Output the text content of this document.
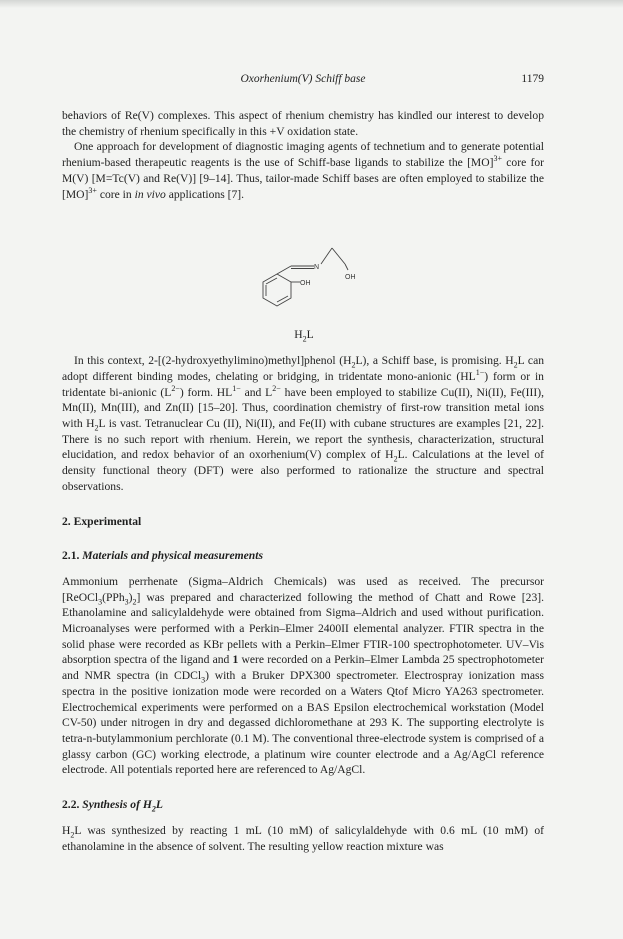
Oxorhenium(V) Schiff base	1179

behaviors of Re(V) complexes. This aspect of rhenium chemistry has kindled our interest to develop the chemistry of rhenium specifically in this +V oxidation state.

One approach for development of diagnostic imaging agents of technetium and to generate potential rhenium-based therapeutic reagents is the use of Schiff-base ligands to stabilize the [MO]$^{3+}$ core for M(V) [M=Tc(V) and Re(V)] [9–14]. Thus, tailor-made Schiff bases are often employed to stabilize the [MO]$^{3+}$ core in in vivo applications [7].

N
OH
OH
$H_2L$

In this context, 2-[(2-hydroxyethylimino)methyl]phenol $(H_2L)$, a Schiff base, is promising. $H_2L$ can adopt different binding modes, chelating or bridging, in tridentate mono-anionic $(HL^{1-})$ form or in tridentate bi-anionic $(L^{2-})$ form. $HL^{1-}$ and $L^{2-}$ have been employed to stabilize Cu(II), Ni(II), Fe(III), Mn(II), Mn(III), and Zn(II) [15–20]. Thus, coordination chemistry of first-row transition metal ions with $H_2L$ is vast. Tetranuclear Cu (II), Ni(II), and Fe(II) with cubane structures are examples [21, 22]. There is no such report with rhenium. Herein, we report the synthesis, characterization, structural elucidation, and redox behavior of an oxorhenium(V) complex of $H_2L$. Calculations at the level of density functional theory (DFT) were also performed to rationalize the structure and spectral observations.

2. Experimental
2.1. Materials and physical measurements

Ammonium perrhenate (Sigma–Aldrich Chemicals) was used as received. The precursor $[ReOCl_3(PPh_3)_2]$ was prepared and characterized following the method of Chatt and Rowe [23]. Ethanolamine and salicylaldehyde were obtained from Sigma–Aldrich and used without purification. Microanalyses were performed with a Perkin–Elmer 2400II elemental analyzer. FTIR spectra in the solid phase were recorded as KBr pellets with a Perkin–Elmer FTIR-100 spectrophotometer. UV–Vis absorption spectra of the ligand and 1 were recorded on a Perkin–Elmer Lambda 25 spectrophotometer and NMR spectra (in CDCl$_3$) with a Bruker DPX300 spectrometer. Electrospray ionization mass spectra in the positive ionization mode were recorded on a Waters Qtof Micro YA263 spectrometer. Electrochemical experiments were performed on a BAS Epsilon electrochemical workstation (Model CV-50) under nitrogen in dry and degassed dichloromethane at 293 K. The supporting electrolyte is tetra-n-butylammonium perchlorate (0.1 M). The conventional three-electrode system is comprised of a glassy carbon (GC) working electrode, a platinum wire counter electrode and a Ag/AgCl reference electrode. All potentials reported here are referenced to Ag/AgCl.

2.2. Synthesis of $H_2L$

$H_2L$ was synthesized by reacting 1 mL (10 mM) of salicylaldehyde with 0.6 mL (10 mM) of ethanolamine in the absence of solvent. The resulting yellow reaction mixture was
